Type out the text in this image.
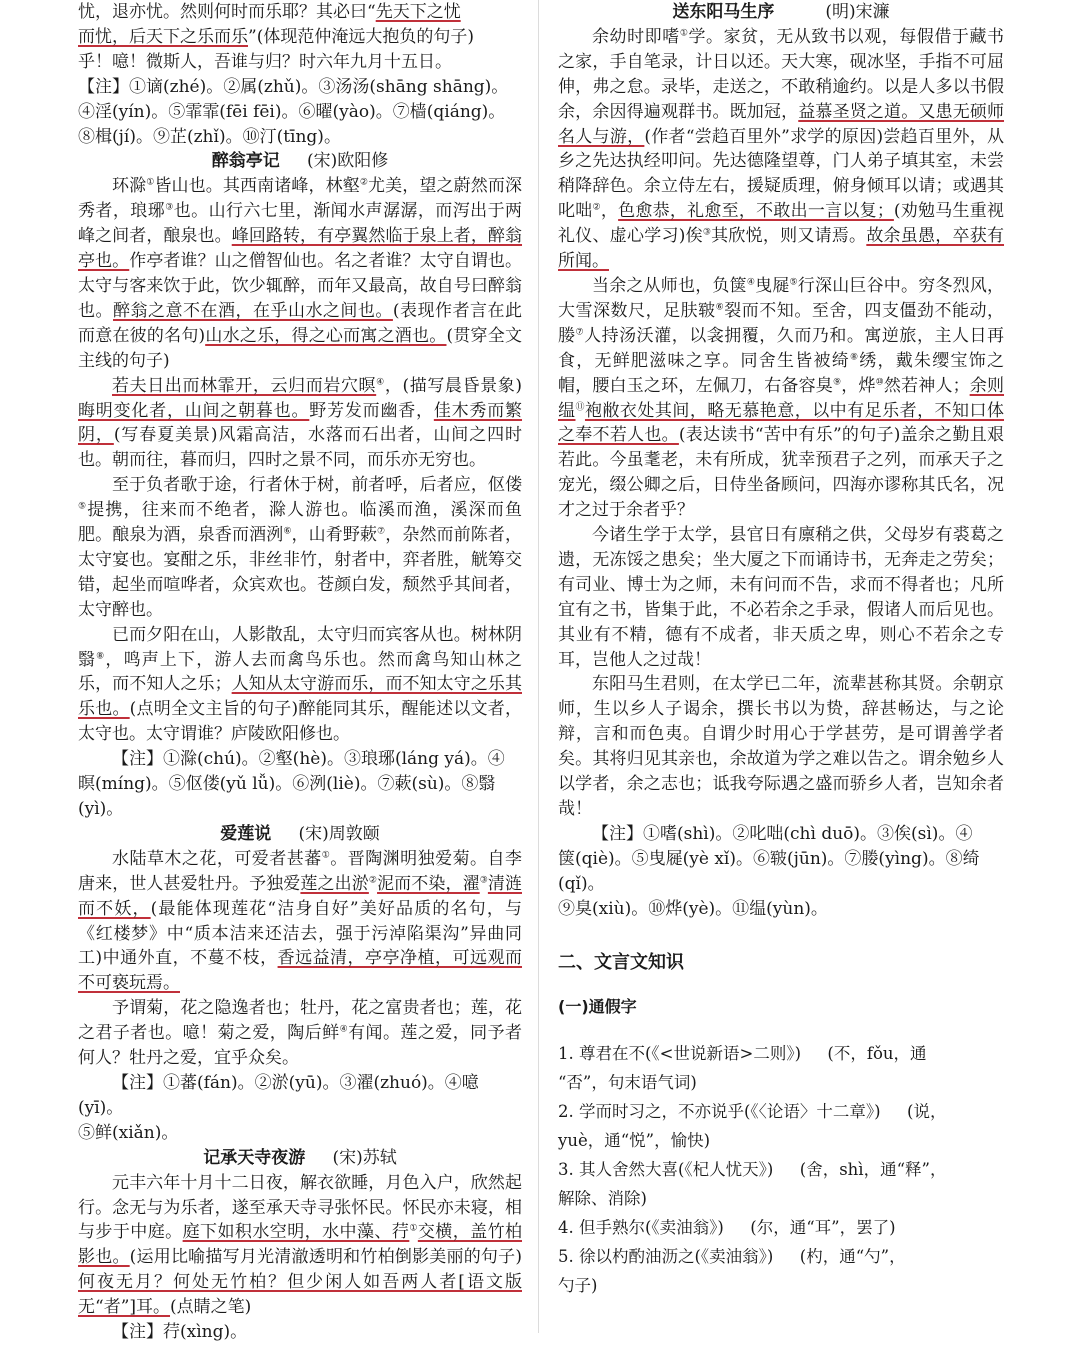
忧，退亦忧。然则何时而乐耶？其必曰“先天下之忧
而忧，后天下之乐而乐”(体现范仲淹远大抱负的句子)
乎！噫！微斯人，吾谁与归？时六年九月十五日。

【注】①谪(zhé)。②属(zhǔ)。③汤汤(shāng shāng)。
④淫(yín)。⑤霏霏(fēi fēi)。⑥曜(yào)。⑦樯(qiáng)。
⑧楫(jí)。⑨芷(zhǐ)。⑩汀(tīng)。

醉翁亭记 (宋)欧阳修

环滁①皆山也。其西南诸峰，林壑②尤美，望之蔚然而深秀者，琅琊③也。山行六七里，渐闻水声潺潺，而泻出于两峰之间者，酿泉也。峰回路转，有亭翼然临于泉上者，醉翁亭也。作亭者谁？山之僧智仙也。名之者谁？太守自谓也。太守与客来饮于此，饮少辄醉，而年又最高，故自号曰醉翁也。醉翁之意不在酒，在乎山水之间也。(表现作者言在此而意在彼的名句)山水之乐，得之心而寓之酒也。(贯穿全文主线的句子)

若夫日出而林霏开，云归而岩穴暝④，(描写晨昏景象)晦明变化者，山间之朝暮也。野芳发而幽香，佳木秀而繁阴，(写春夏美景)风霜高洁，水落而石出者，山间之四时也。朝而往，暮而归，四时之景不同，而乐亦无穷也。

至于负者歌于途，行者休于树，前者呼，后者应，伛偻⑤提携，往来而不绝者，滁人游也。临溪而渔，溪深而鱼肥。酿泉为酒，泉香而酒洌⑥，山肴野蔌⑦，杂然而前陈者，太守宴也。宴酣之乐，非丝非竹，射者中，弈者胜，觥筹交错，起坐而喧哗者，众宾欢也。苍颜白发，颓然乎其间者，太守醉也。

已而夕阳在山，人影散乱，太守归而宾客从也。树林阴翳⑧，鸣声上下，游人去而禽鸟乐也。然而禽鸟知山林之乐，而不知人之乐；人知从太守游而乐，而不知太守之乐其乐也。(点明全文主旨的句子)醉能同其乐，醒能述以文者，太守也。太守谓谁？庐陵欧阳修也。

【注】①滁(chú)。②壑(hè)。③琅琊(láng yá)。④
暝(míng)。⑤伛偻(yǔ lǚ)。⑥洌(liè)。⑦蔌(sù)。⑧翳(yì)。

爱莲说 (宋)周敦颐

水陆草木之花，可爱者甚蕃①。晋陶渊明独爱菊。自李唐来，世人甚爱牡丹。予独爱莲之出淤②泥而不染，濯③清涟而不妖，(最能体现莲花“洁身自好”美好品质的名句，与《红楼梦》中“质本洁来还洁去，强于污淖陷渠沟”异曲同工)中通外直，不蔓不枝，香远益清，亭亭净植，可远观而不可亵玩焉。

予谓菊，花之隐逸者也；牡丹，花之富贵者也；莲，花之君子者也。噫！菊之爱，陶后鲜④有闻。莲之爱，同予者何人？牡丹之爱，宜乎众矣。

【注】①蕃(fán)。②淤(yū)。③濯(zhuó)。④噫(yī)。
⑤鲜(xiǎn)。

记承天寺夜游 (宋)苏轼

元丰六年十月十二日夜，解衣欲睡，月色入户，欣然起行。念无与为乐者，遂至承天寺寻张怀民。怀民亦未寝，相与步于中庭。庭下如积水空明，水中藻、荇①交横，盖竹柏影也。(运用比喻描写月光清澈透明和竹柏倒影美丽的句子)何夜无月？何处无竹柏？但少闲人如吾两人者[语文版无“者”]耳。(点睛之笔)

【注】荇(xìng)。

送东阳马生序	(明)宋濂

余幼时即嗜①学。家贫，无从致书以观，每假借于藏书之家，手自笔录，计日以还。天大寒，砚冰坚，手指不可屈伸，弗之怠。录毕，走送之，不敢稍逾约。以是人多以书假余，余因得遍观群书。既加冠，益慕圣贤之道。又患无硕师名人与游，(作者“尝趋百里外”求学的原因)尝趋百里外，从乡之先达执经叩问。先达德隆望尊，门人弟子填其室，未尝稍降辞色。余立侍左右，援疑质理，俯身倾耳以请；或遇其叱咄②，色愈恭，礼愈至，不敢出一言以复；(劝勉马生重视礼仪、虚心学习)俟③其欣悦，则又请焉。故余虽愚，卒获有所闻。

当余之从师也，负箧④曳屣⑤行深山巨谷中。穷冬烈风，大雪深数尺，足肤皲⑥裂而不知。至舍，四支僵劲不能动，媵⑦人持汤沃灌，以衾拥覆，久而乃和。寓逆旅，主人日再食，无鲜肥滋味之享。同舍生皆被绮⑧绣，戴朱缨宝饰之帽，腰白玉之环，左佩刀，右备容臭⑨，烨⑩然若神人；余则缊⑪袍敝衣处其间，略无慕艳意，以中有足乐者，不知口体之奉不若人也。(表达读书“苦中有乐”的句子)盖余之勤且艰若此。今虽耄老，未有所成，犹幸预君子之列，而承天子之宠光，缀公卿之后，日侍坐备顾问，四海亦谬称其氏名，况才之过于余者乎？

今诸生学于太学，县官日有廪稍之供，父母岁有裘葛之遗，无冻馁之患矣；坐大厦之下而诵诗书，无奔走之劳矣；有司业、博士为之师，未有问而不告，求而不得者也；凡所宜有之书，皆集于此，不必若余之手录，假诸人而后见也。其业有不精，德有不成者，非天质之卑，则心不若余之专耳，岂他人之过哉！

东阳马生君则，在太学已二年，流辈甚称其贤。余朝京师，生以乡人子谒余，撰长书以为贽，辞甚畅达，与之论辩，言和而色夷。自谓少时用心于学甚劳，是可谓善学者矣。其将归见其亲也，余故道为学之难以告之。谓余勉乡人以学者，余之志也；诋我夸际遇之盛而骄乡人者，岂知余者哉！

【注】①嗜(shì)。②叱咄(chì duō)。③俟(sì)。④
箧(qiè)。⑤曳屣(yè xǐ)。⑥皲(jūn)。⑦媵(yìng)。⑧绮(qǐ)。
⑨臭(xiù)。⑩烨(yè)。⑪缊(yùn)。

二、文言文知识

(一)通假字

1. 尊君在不(《<世说新语>二则》) (不，fǒu，通
“否”，句末语气词)

2. 学而时习之，不亦说乎(《〈论语〉十二章》) (说，
yuè，通“悦”，愉快)

3. 其人舍然大喜(《杞人忧天》) (舍，shì，通“释”，
解除、消除)

4. 但手熟尔(《卖油翁》) (尔，通“耳”，罢了)

5. 徐以杓酌油沥之(《卖油翁》) (杓，通“勺”，
勺子)
